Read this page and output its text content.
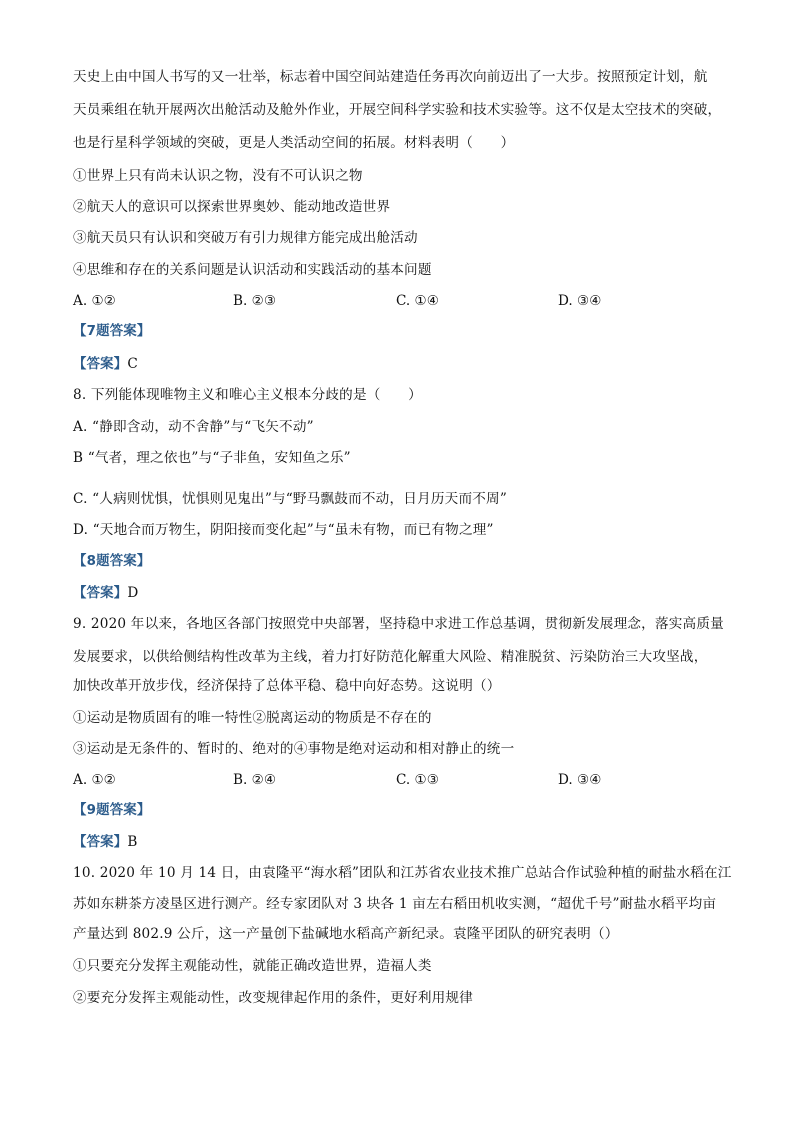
天史上由中国人书写的又一壮举，标志着中国空间站建造任务再次向前迈出了一大步。按照预定计划，航
天员乘组在轨开展两次出舱活动及舱外作业，开展空间科学实验和技术实验等。这不仅是太空技术的突破，
也是行星科学领域的突破，更是人类活动空间的拓展。材料表明（　　）
①世界上只有尚未认识之物，没有不可认识之物
②航天人的意识可以探索世界奥妙、能动地改造世界
③航天员只有认识和突破万有引力规律方能完成出舱活动
④思维和存在的关系问题是认识活动和实践活动的基本问题
A. ①②	B. ②③	C. ①④	D. ③④
【7题答案】
【答案】C
8. 下列能体现唯物主义和唯心主义根本分歧的是（　　）
A. “静即含动，动不舍静”与“飞矢不动”
B “气者，理之依也”与“子非鱼，安知鱼之乐”
C. “人病则忧惧，忧惧则见鬼出”与“野马飘鼓而不动，日月历天而不周”
D. “天地合而万物生，阴阳接而变化起”与“虽未有物，而已有物之理”
【8题答案】
【答案】D
9. 2020 年以来，各地区各部门按照党中央部署，坚持稳中求进工作总基调，贯彻新发展理念，落实高质量
发展要求，以供给侧结构性改革为主线，着力打好防范化解重大风险、精准脱贫、污染防治三大攻坚战，
加快改革开放步伐，经济保持了总体平稳、稳中向好态势。这说明（）
①运动是物质固有的唯一特性②脱离运动的物质是不存在的
③运动是无条件的、暂时的、绝对的④事物是绝对运动和相对静止的统一
A. ①②	B. ②④	C. ①③	D. ③④
【9题答案】
【答案】B
10. 2020 年 10 月 14 日，由袁隆平“海水稻”团队和江苏省农业技术推广总站合作试验种植的耐盐水稻在江
苏如东耕茶方凌垦区进行测产。经专家团队对 3 块各 1 亩左右稻田机收实测，“超优千号”耐盐水稻平均亩
产量达到 802.9 公斤，这一产量创下盐碱地水稻高产新纪录。袁隆平团队的研究表明（）
①只要充分发挥主观能动性，就能正确改造世界，造福人类
②要充分发挥主观能动性，改变规律起作用的条件，更好利用规律
